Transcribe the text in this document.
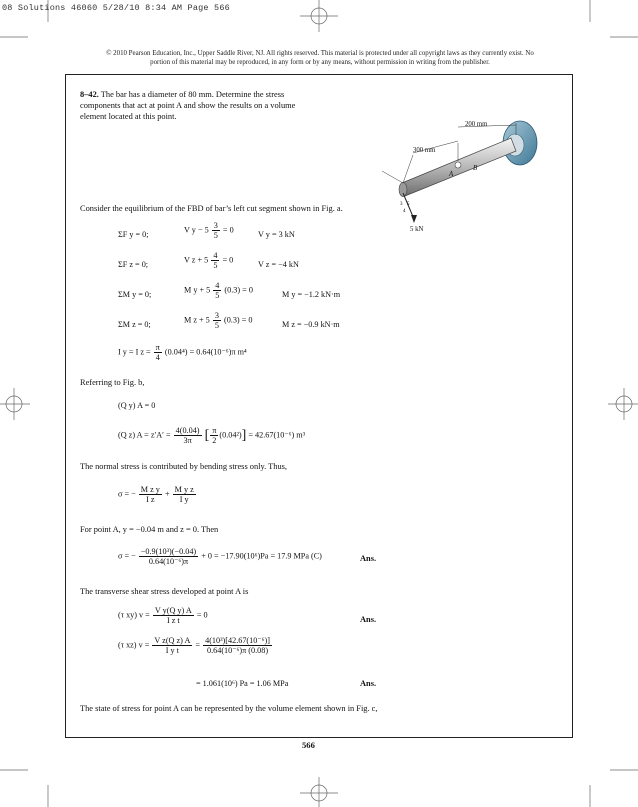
08 Solutions 46060 5/28/10 8:34 AM Page 566
© 2010 Pearson Education, Inc., Upper Saddle River, NJ. All rights reserved. This material is protected under all copyright laws as they currently exist. No portion of this material may be reproduced, in any form or by any means, without permission in writing from the publisher.
8–42. The bar has a diameter of 80 mm. Determine the stress components that act at point A and show the results on a volume element located at this point.
3 5
4
200 mm
300 mm
B
A
5 kN
Consider the equilibrium of the FBD of bar’s left cut segment shown in Fig. a.
ΣF y = 0;
V $y - 5 \frac{3}{5} = 0$
V y = 3 kN
ΣF z = 0;
V $z + 5 \frac{4}{5} = 0$
V z = −4 kN
ΣM y = 0;
M $y + 5 \frac{4}{5} (0.3) = 0$
M y = −1.2 kN·m
ΣM z = 0;
M $z + 5 \frac{3}{5} (0.3) = 0$
M z = −0.9 kN·m
I y = I $z = \frac{\pi}{4} (0.04^4) = 0.64(10^{-6})\pi$ m⁴
Referring to Fig. b,
(Q y) A = 0
(Q z) $A = z'A' = \frac{4(0.04)}{3\pi}$ [ $\frac{\pi}{2} (0.04^2)] = 42.67(10^{-6})$ m³
The normal stress is contributed by bending stress only. Thus,
σ = − $\frac{\text{M z y}}{\text{I z}} + \frac{\text{M y z}}{\text{I y}}$
For point A, y = −0.04 m and z = 0. Then
σ = − $\frac{\text{−0.9(10³)(−0.04)}}{\text{0.64(10⁻⁶)π}} + 0 = -17.90(10^6)Pa = 17.9$ MPa (C)	Ans.
The transverse shear stress developed at point A is
(τ xy) $v = \frac{\text{V y(Q y) A}}{\text{I z t}} = 0$
Ans.
(τ xz) $v = \frac{\text{V z(Q z) A}}{\text{I y t}} = \frac{\text{4(10³)[42.67(10⁻⁶)]}}{\text{0.64(10⁻⁶)π (0.08)}}$
= 1.061(10⁶) Pa = 1.06 MPa	Ans.
The state of stress for point A can be represented by the volume element shown in Fig. c,
566
